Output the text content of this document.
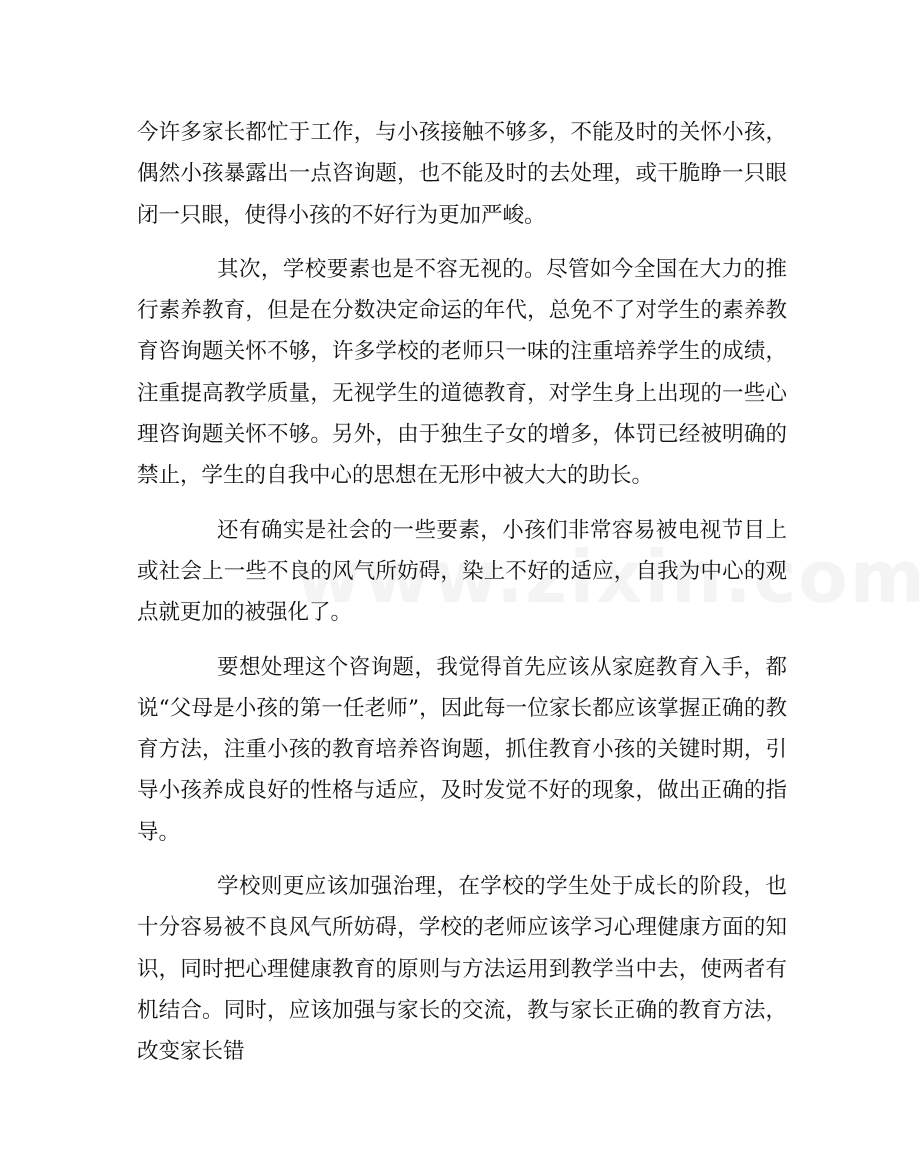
今许多家长都忙于工作，与小孩接触不够多，不能及时的关怀小孩，偶然小孩暴露出一点咨询题，也不能及时的去处理，或干脆睁一只眼闭一只眼，使得小孩的不好行为更加严峻。

其次，学校要素也是不容无视的。尽管如今全国在大力的推行素养教育，但是在分数决定命运的年代，总免不了对学生的素养教育咨询题关怀不够，许多学校的老师只一味的注重培养学生的成绩，注重提高教学质量，无视学生的道德教育，对学生身上出现的一些心理咨询题关怀不够。另外，由于独生子女的增多，体罚已经被明确的禁止，学生的自我中心的思想在无形中被大大的助长。

还有确实是社会的一些要素，小孩们非常容易被电视节目上或社会上一些不良的风气所妨碍，染上不好的适应，自我为中心的观点就更加的被强化了。

要想处理这个咨询题，我觉得首先应该从家庭教育入手，都说“父母是小孩的第一任老师”，因此每一位家长都应该掌握正确的教育方法，注重小孩的教育培养咨询题，抓住教育小孩的关键时期，引导小孩养成良好的性格与适应，及时发觉不好的现象，做出正确的指导。

学校则更应该加强治理，在学校的学生处于成长的阶段，也十分容易被不良风气所妨碍，学校的老师应该学习心理健康方面的知识，同时把心理健康教育的原则与方法运用到教学当中去，使两者有机结合。同时，应该加强与家长的交流，教与家长正确的教育方法，改变家长错
